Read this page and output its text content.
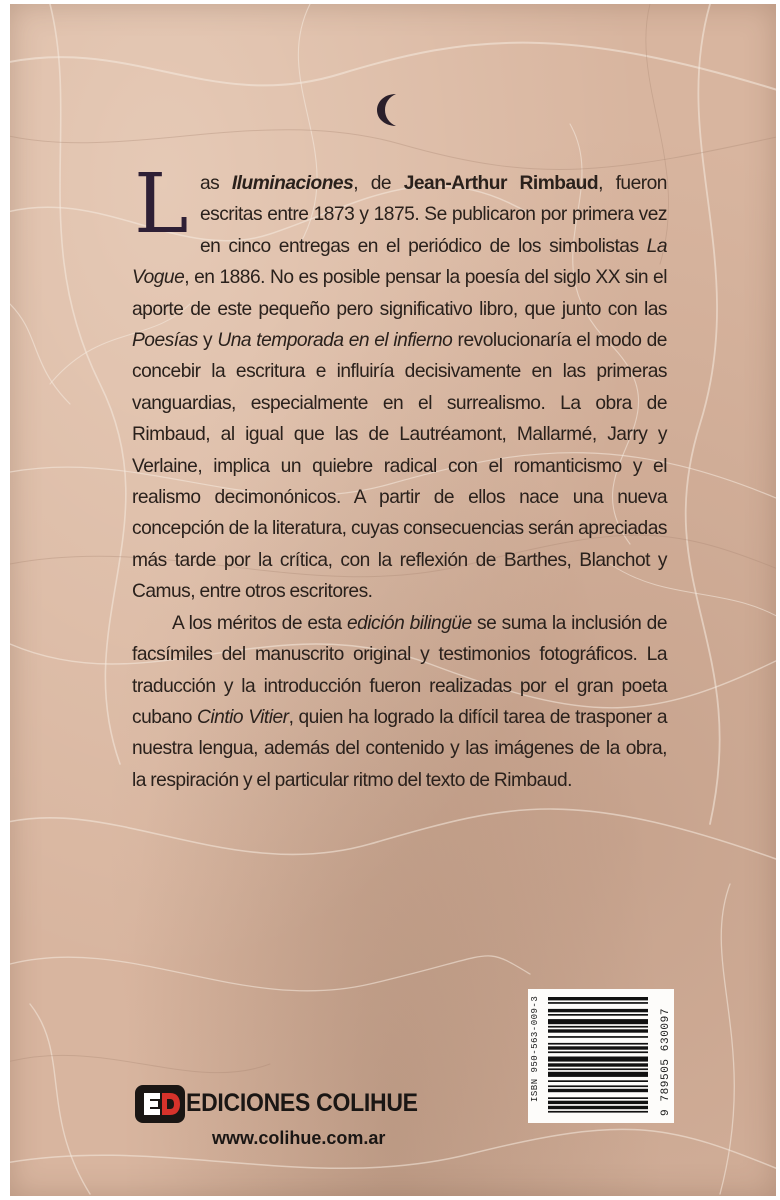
Las Iluminaciones, de Jean-Arthur Rimbaud, fueron escritas entre 1873 y 1875. Se publicaron por primera vez en cinco entregas en el periódico de los simbolistas La Vogue, en 1886. No es posible pensar la poesía del siglo XX sin el aporte de este pequeño pero significativo libro, que junto con las Poesías y Una temporada en el infierno revolucionaría el modo de concebir la escritura e influiría decisivamente en las primeras vanguardias, especialmente en el surrealismo. La obra de Rimbaud, al igual que las de Lautréamont, Mallarmé, Jarry y Verlaine, implica un quiebre radical con el romanticismo y el realismo decimonónicos. A partir de ellos nace una nueva concepción de la literatura, cuyas consecuencias serán apreciadas más tarde por la crítica, con la reflexión de Barthes, Blanchot y Camus, entre otros escritores.

A los méritos de esta edición bilingüe se suma la inclusión de facsímiles del manuscrito original y testimonios fotográficos. La traducción y la introducción fueron realizadas por el gran poeta cubano Cintio Vitier, quien ha logrado la difícil tarea de trasponer a nuestra lengua, además del contenido y las imágenes de la obra, la respiración y el particular ritmo del texto de Rimbaud.

ISBN 950-563-009-3	9 789505 630097
EDICIONES COLIHUE
www.colihue.com.ar
